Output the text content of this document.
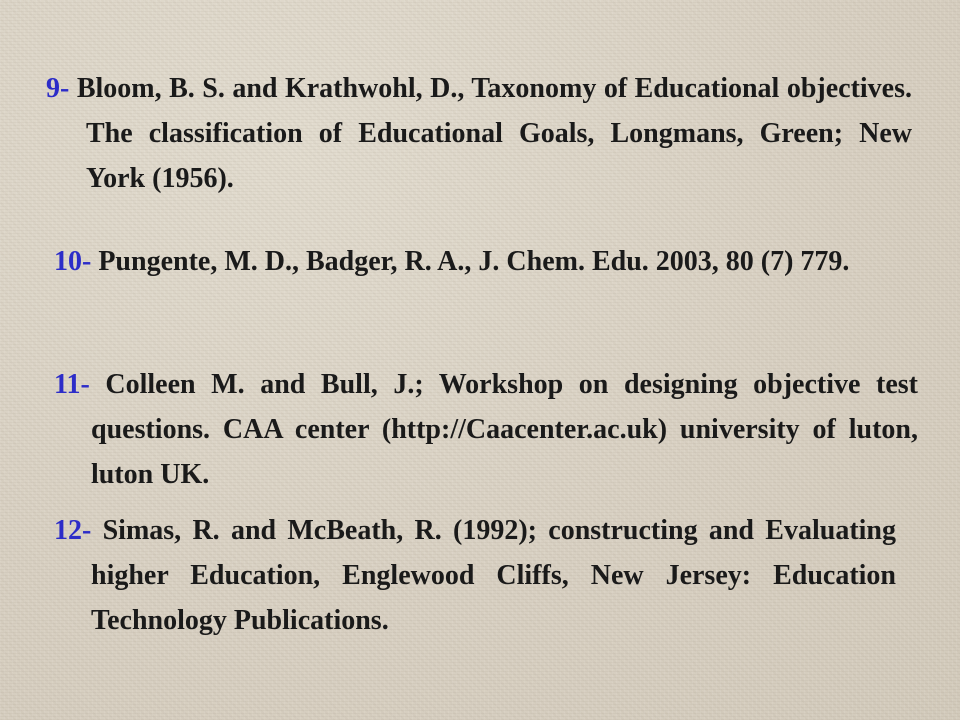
9- Bloom, B. S. and Krathwohl, D., Taxonomy of Educational objectives. The classification of Educational Goals, Longmans, Green; New York (1956).
10- Pungente, M. D., Badger, R. A., J. Chem. Edu. 2003, 80 (7) 779.
11- Colleen M. and Bull, J.; Workshop on designing objective test questions. CAA center (http://Caacenter.ac.uk) university of luton, luton UK.
12- Simas, R. and McBeath, R. (1992); constructing and Evaluating higher Education, Englewood Cliffs, New Jersey: Education Technology Publications.
